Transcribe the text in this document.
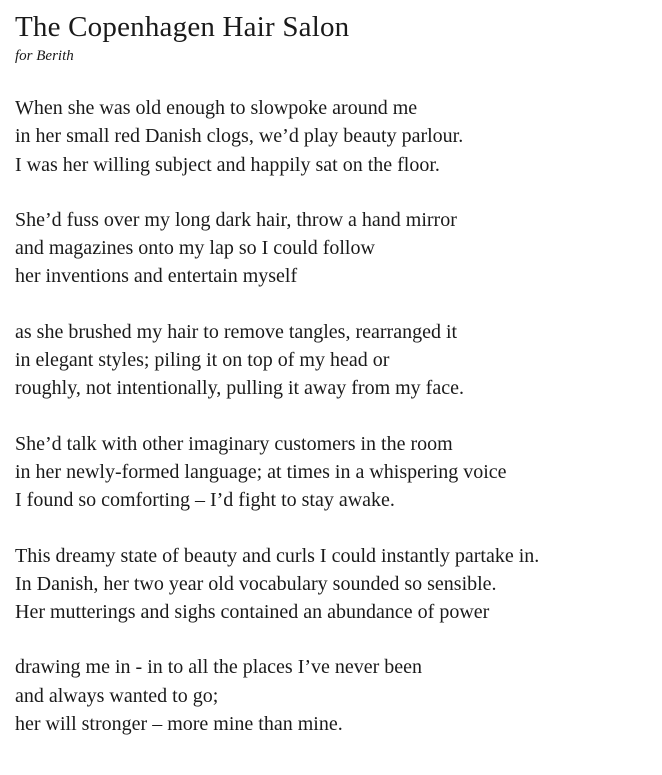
The Copenhagen Hair Salon

for Berith

When she was old enough to slowpoke around me
in her small red Danish clogs, we’d play beauty parlour.
I was her willing subject and happily sat on the floor.
She’d fuss over my long dark hair, throw a hand mirror
and magazines onto my lap so I could follow
her inventions and entertain myself
as she brushed my hair to remove tangles, rearranged it
in elegant styles; piling it on top of my head or
roughly, not intentionally, pulling it away from my face.
She’d talk with other imaginary customers in the room
in her newly-formed language; at times in a whispering voice
I found so comforting – I’d fight to stay awake.
This dreamy state of beauty and curls I could instantly partake in.
In Danish, her two year old vocabulary sounded so sensible.
Her mutterings and sighs contained an abundance of power
drawing me in - in to all the places I’ve never been
and always wanted to go;
her will stronger – more mine than mine.
